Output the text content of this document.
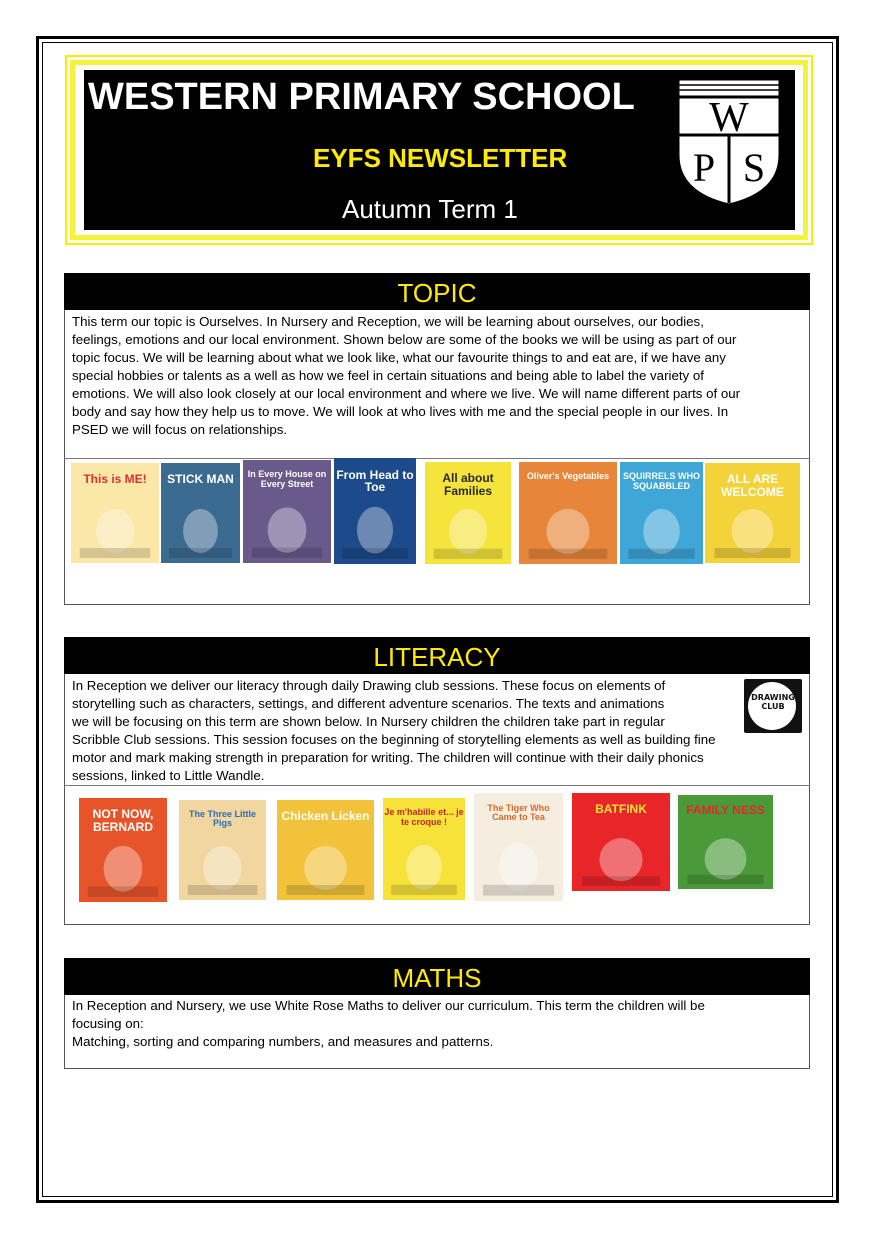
WESTERN PRIMARY SCHOOL
EYFS NEWSLETTER
Autumn Term 1
W
P S
TOPIC
This term our topic is Ourselves. In Nursery and Reception, we will be learning about ourselves, our bodies,
feelings, emotions and our local environment. Shown below are some of the books we will be using as part of our
topic focus. We will be learning about what we look like, what our favourite things to and eat are, if we have any
special hobbies or talents as a well as how we feel in certain situations and being able to label the variety of
emotions. We will also look closely at our local environment and where we live. We will name different parts of our
body and say how they help us to move. We will look at who lives with me and the special people in our lives. In
PSED we will focus on relationships.
This is ME!	STICK MAN	In Every House on Every Street
From Head to Toe
All about Families
Oliver's Vegetables	SQUIRRELS WHO SQUABBLED	ALL ARE WELCOME
LITERACY
In Reception we deliver our literacy through daily Drawing club sessions. These focus on elements of
storytelling such as characters, settings, and different adventure scenarios. The texts and animations
we will be focusing on this term are shown below. In Nursery children the children take part in regular
Scribble Club sessions. This session focuses on the beginning of storytelling elements as well as building fine
motor and mark making strength in preparation for writing. The children will continue with their daily phonics
sessions, linked to Little Wandle.
DRAWING CLUB
NOT NOW, BERNARD
The Three Little Pigs
Chicken Licken	Je m'habille et... je te croque !
The Tiger Who Came to Tea
BATFINK	FAMILY NESS
MATHS
In Reception and Nursery, we use White Rose Maths to deliver our curriculum. This term the children will be
focusing on:
Matching, sorting and comparing numbers, and measures and patterns.
